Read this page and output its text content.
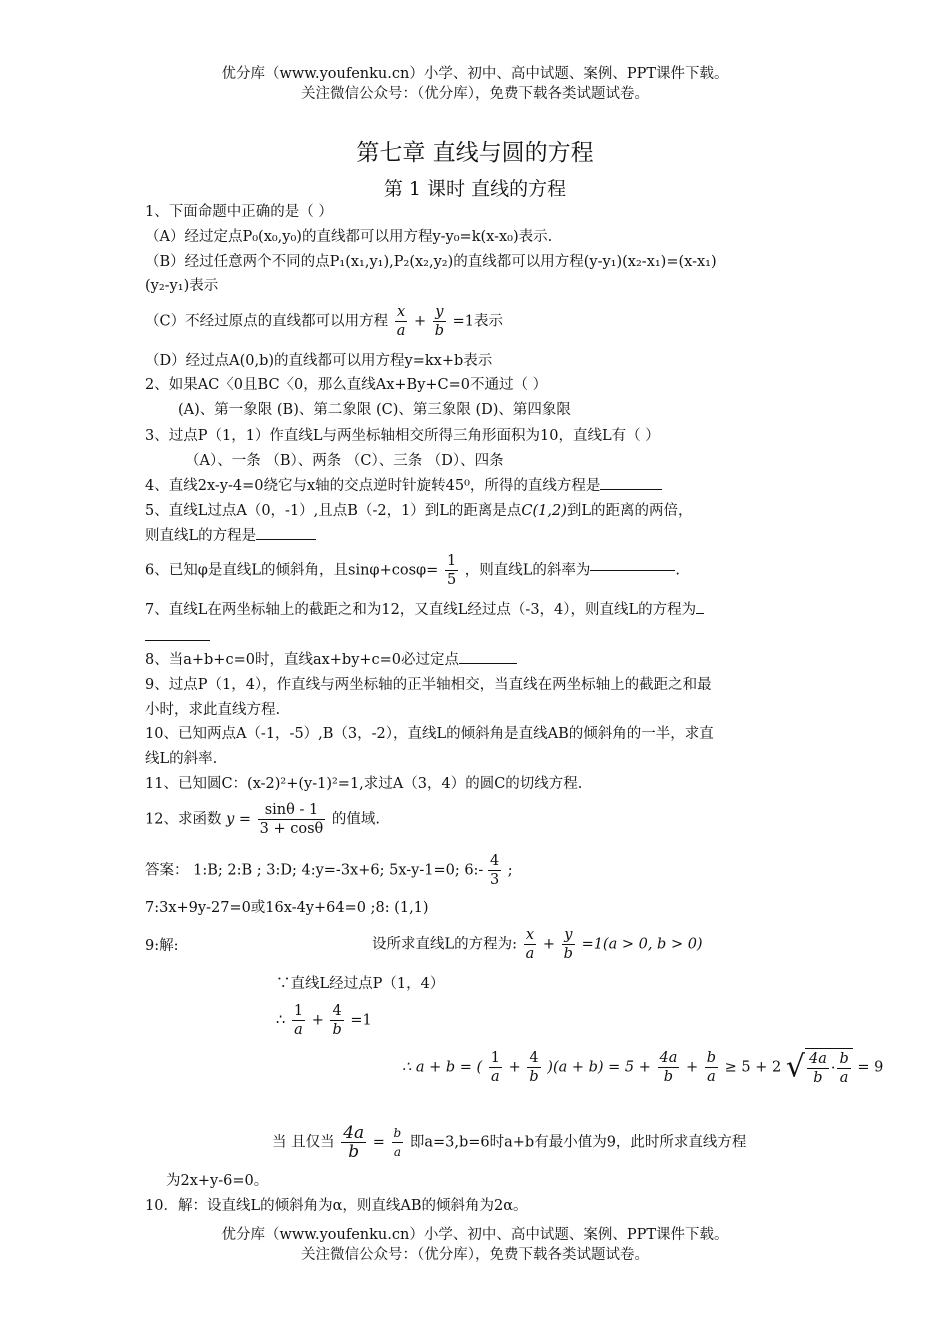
优分库（www.youfenku.cn）小学、初中、高中试题、案例、PPT课件下载。
关注微信公众号：（优分库），免费下载各类试题试卷。
第七章 直线与圆的方程
第 1 课时 直线的方程
1、下面命题中正确的是（ ）
（A）经过定点P₀(x₀,y₀)的直线都可以用方程y-y₀=k(x-x₀)表示.
（B）经过任意两个不同的点P₁(x₁,y₁),P₂(x₂,y₂)的直线都可以用方程(y-y₁)(x₂-x₁)=(x-x₁)
(y₂-y₁)表示
（C）不经过原点的直线都可以用方程 $\frac{x}{a} + \frac{y}{b} =1$表示
（D）经过点A(0,b)的直线都可以用方程y=kx+b表示
2、如果AC〈0且BC〈0，那么直线Ax+By+C=0不通过（ ）
(A)、第一象限 (B)、第二象限 (C)、第三象限 (D)、第四象限
3、过点P（1，1）作直线L与两坐标轴相交所得三角形面积为10，直线L有（ ）
（A）、一条 （B）、两条 （C）、三条 （D）、四条
4、直线2x-y-4=0绕它与x轴的交点逆时针旋转45⁰，所得的直线方程是
5、直线L过点A（0，-1）,且点B（-2，1）到L的距离是点C(1,2)到L的距离的两倍，
则直线L的方程是
6、已知φ是直线L的倾斜角，且$\sin\varphi+\cos\varphi= \frac{1}{5}$ ，则直线L的斜率为	.
7、直线L在两坐标轴上的截距之和为12，又直线L经过点（-3，4），则直线L的方程为
8、当a+b+c=0时，直线ax+by+c=0必过定点
9、过点P（1，4），作直线与两坐标轴的正半轴相交，当直线在两坐标轴上的截距之和最
小时，求此直线方程.
10、已知两点A（-1，-5）,B（3，-2），直线L的倾斜角是直线AB的倾斜角的一半，求直
线L的斜率.
11、已知圆C：(x-2)²+(y-1)²=1,求过A（3，4）的圆C的切线方程.
12、求函数 $y = \frac{\sin\theta - 1}{3 + \cos\theta}$ 的值域.
答案： 1:B; 2:B ; 3:D; 4:y=-3x+6; 5x-y-1=0; 6:- $\frac{4}{3}$ ;
7:3x+9y-27=0或16x-4y+64=0 ;8: (1,1)
9:解:	设所求直线L的方程为: $\frac{x}{a} + \frac{y}{b} =1(a > 0$, b > 0)
∵直线L经过点P（1，4）
∴ $\frac{1}{a} + \frac{4}{b} =1$
∴ a + b = ( $\frac{1}{a} + \frac{4}{b} )(a + b) = 5 + \frac{4a}{b} + \frac{b}{a} \ge 5 + 2$ √ $\frac{4a}{b} \cdot \frac{b}{a} = 9$
当 且仅当 $\frac{4a}{b} = \frac{b}{a}$ 即a=3,b=6时a+b有最小值为9，此时所求直线方程
为2x+y-6=0。
10．解：设直线L的倾斜角为α，则直线AB的倾斜角为2α。
优分库（www.youfenku.cn）小学、初中、高中试题、案例、PPT课件下载。
关注微信公众号：（优分库），免费下载各类试题试卷。
